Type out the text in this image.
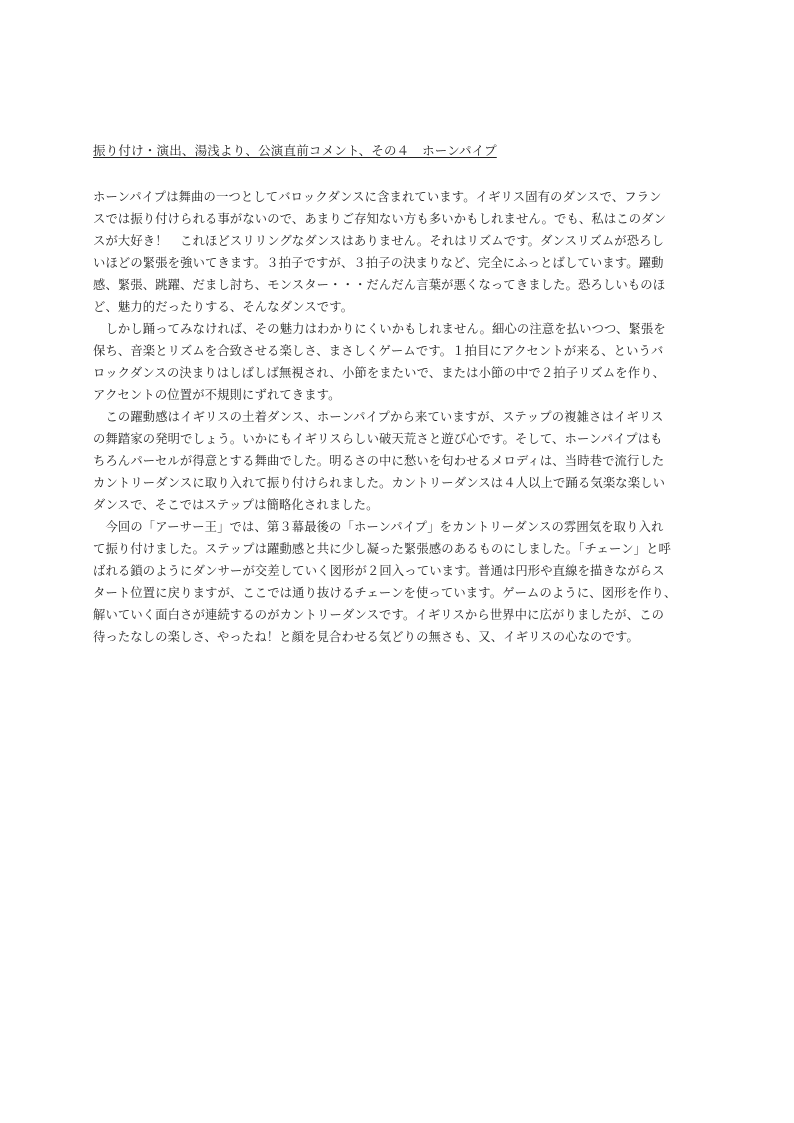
振り付け・演出、湯浅より、公演直前コメント、その４　ホーンパイプ
ホーンパイプは舞曲の一つとしてバロックダンスに含まれています。イギリス固有のダンスで、フラン
スでは振り付けられる事がないので、あまりご存知ない方も多いかもしれません。でも、私はこのダン
スが大好き！　これほどスリリングなダンスはありません。それはリズムです。ダンスリズムが恐ろし
いほどの緊張を強いてきます。３拍子ですが、３拍子の決まりなど、完全にふっとばしています。躍動
感、緊張、跳躍、だまし討ち、モンスター・・・だんだん言葉が悪くなってきました。恐ろしいものほ
ど、魅力的だったりする、そんなダンスです。
　しかし踊ってみなければ、その魅力はわかりにくいかもしれません。細心の注意を払いつつ、緊張を
保ち、音楽とリズムを合致させる楽しさ、まさしくゲームです。１拍目にアクセントが来る、というバ
ロックダンスの決まりはしばしば無視され、小節をまたいで、または小節の中で２拍子リズムを作り、
アクセントの位置が不規則にずれてきます。
　この躍動感はイギリスの土着ダンス、ホーンパイプから来ていますが、ステップの複雑さはイギリス
の舞踏家の発明でしょう。いかにもイギリスらしい破天荒さと遊び心です。そして、ホーンパイプはも
ちろんパーセルが得意とする舞曲でした。明るさの中に愁いを匂わせるメロディは、当時巷で流行した
カントリーダンスに取り入れて振り付けられました。カントリーダンスは４人以上で踊る気楽な楽しい
ダンスで、そこではステップは簡略化されました。
　今回の「アーサー王」では、第３幕最後の「ホーンパイプ」をカントリーダンスの雰囲気を取り入れ
て振り付けました。ステップは躍動感と共に少し凝った緊張感のあるものにしました。「チェーン」と呼
ばれる鎖のようにダンサーが交差していく図形が２回入っています。普通は円形や直線を描きながらス
タート位置に戻りますが、ここでは通り抜けるチェーンを使っています。ゲームのように、図形を作り、
解いていく面白さが連続するのがカントリーダンスです。イギリスから世界中に広がりましたが、この
待ったなしの楽しさ、やったね！と顔を見合わせる気どりの無さも、又、イギリスの心なのです。
